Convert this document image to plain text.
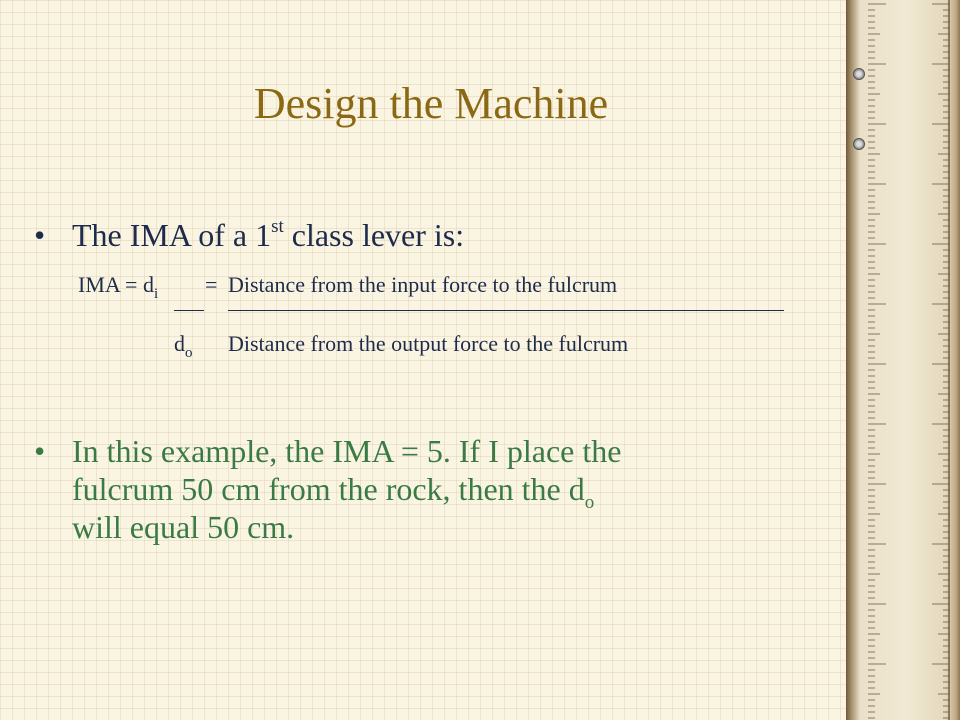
Design the Machine
• The IMA of a 1st class lever is:
IMA = $d_i$ = Distance from the input force to the fulcrum
$d_o$ Distance from the output force to the fulcrum
• In this example, the IMA = 5. If I place the
fulcrum 50 cm from the rock, then the $d_o$
will equal 50 cm.
